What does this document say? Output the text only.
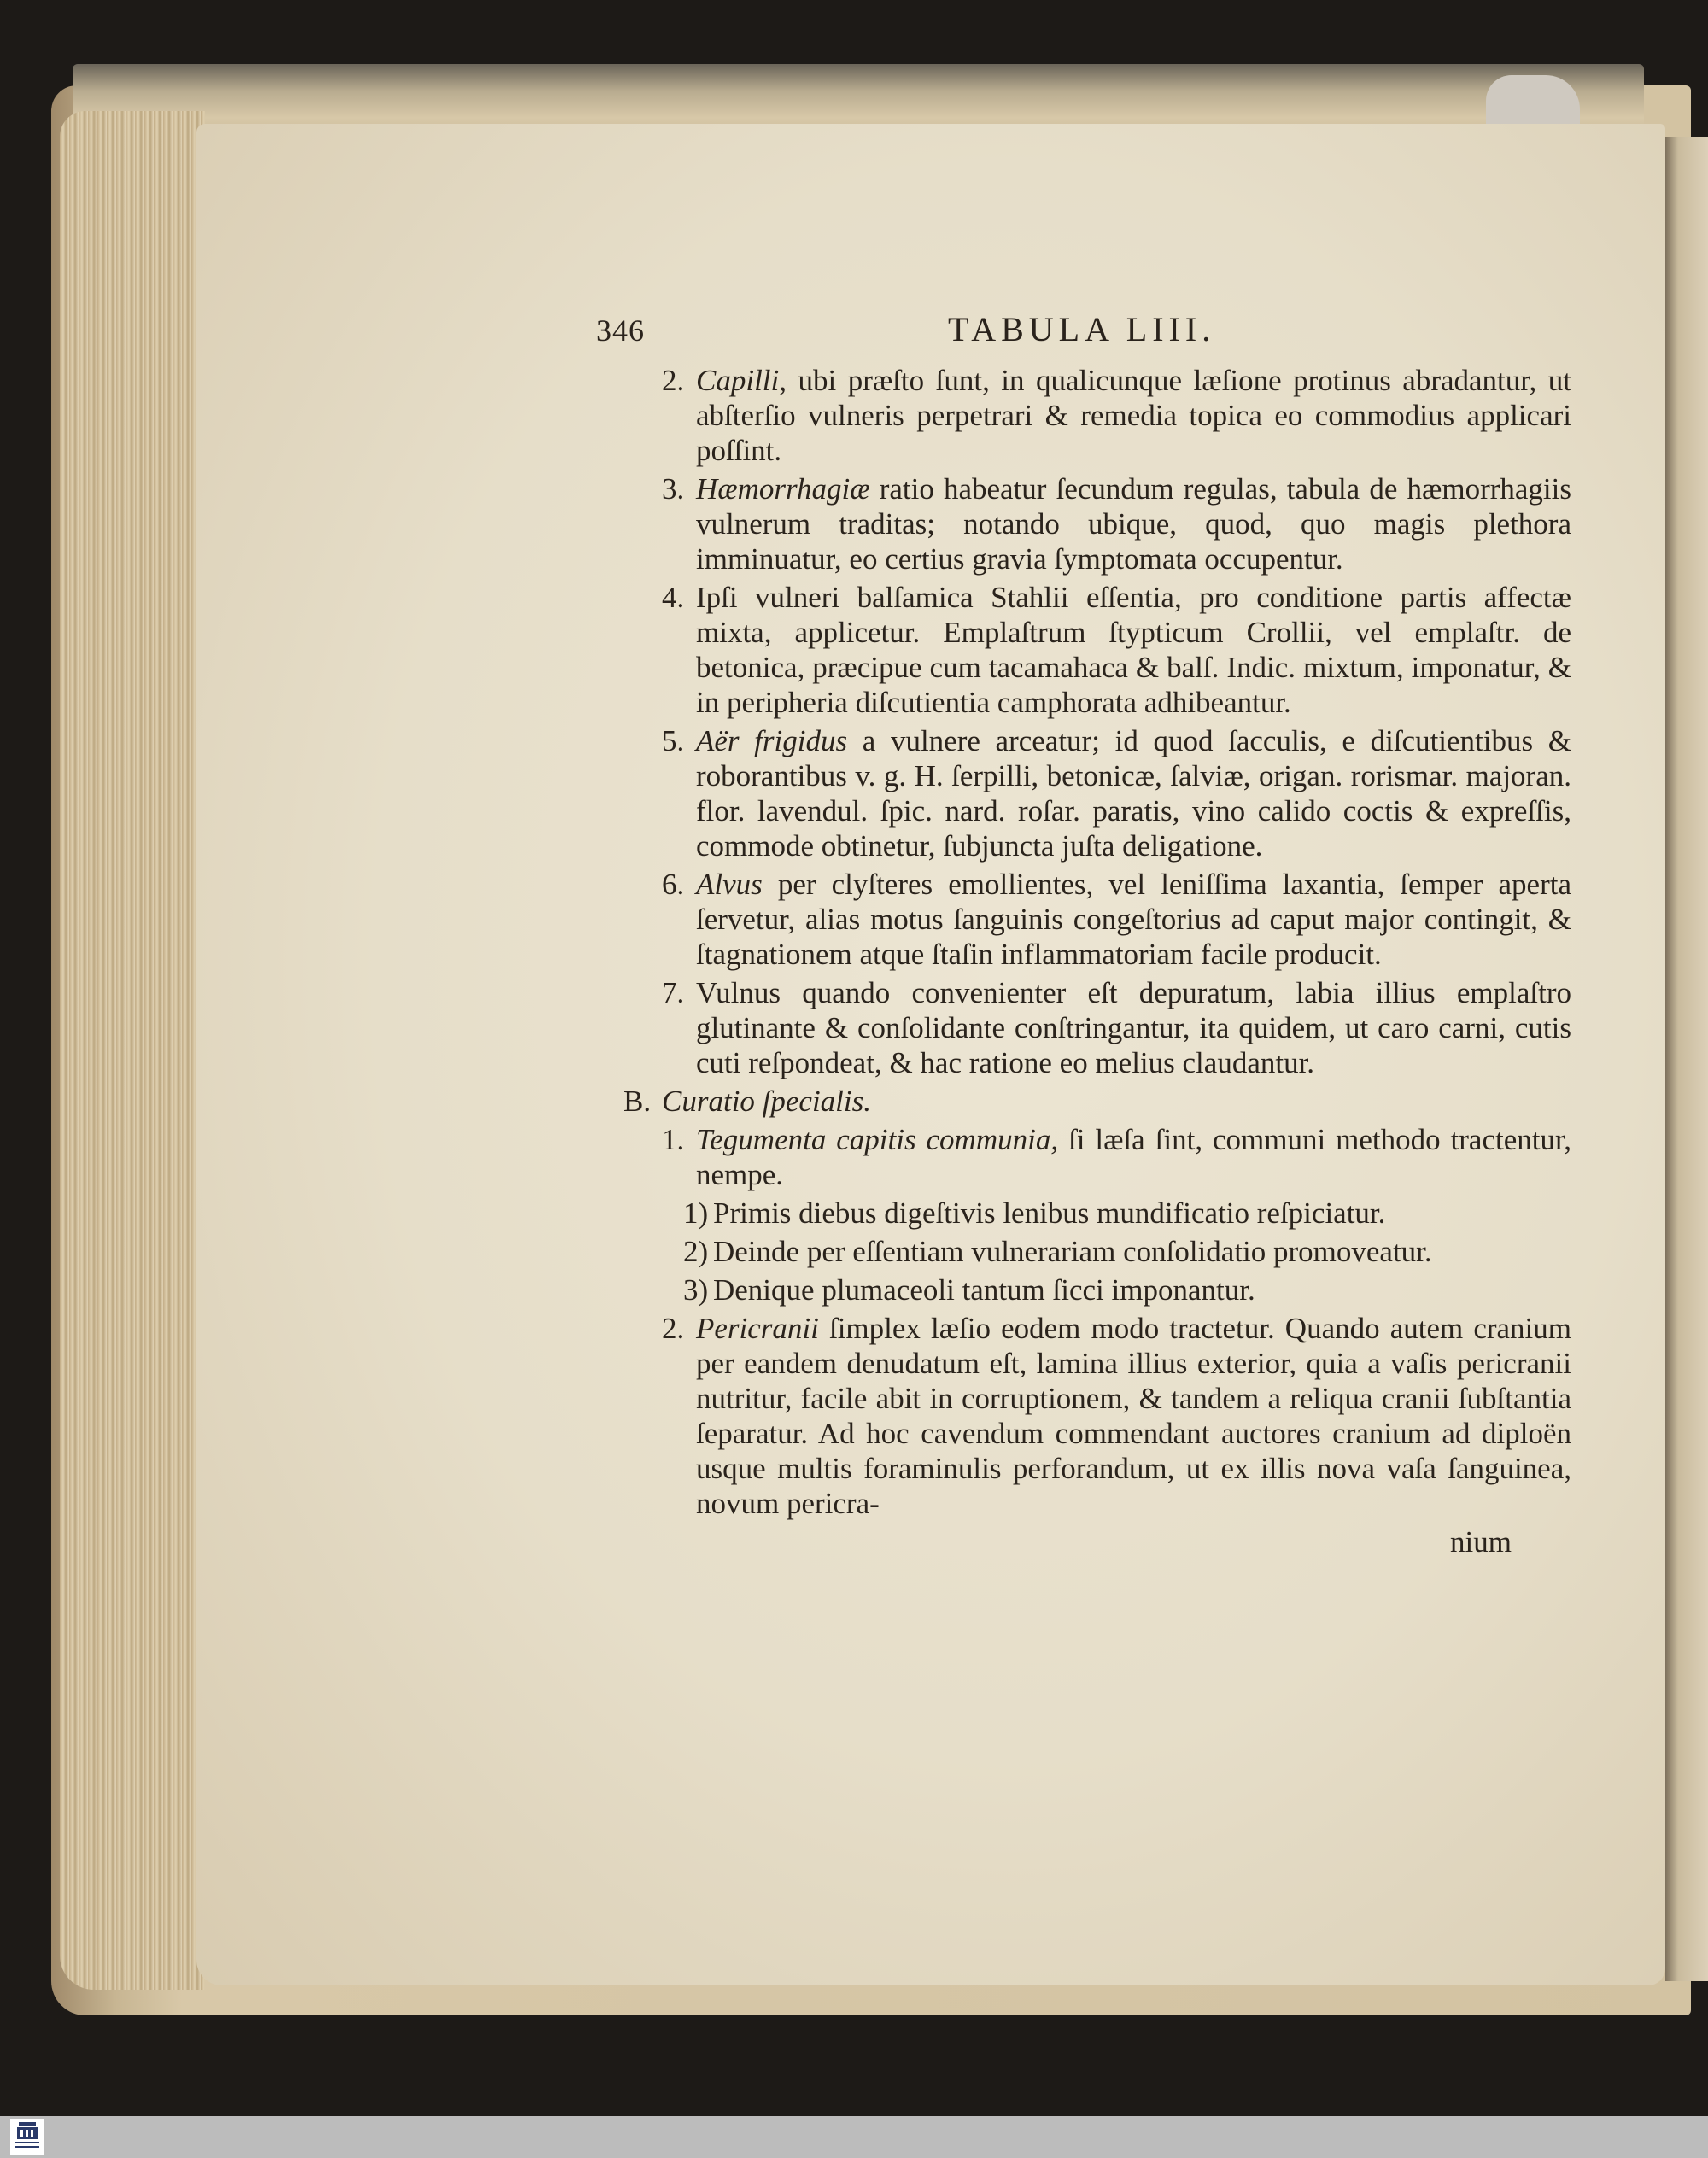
346	TABULA LIII.
2. Capilli, ubi præſto ſunt, in qualicunque læſione protinus abradantur, ut abſterſio vulneris perpetrari & remedia topica eo commodius applicari poſſint.
3. Hæmorrhagiæ ratio habeatur ſecundum regulas, tabula de hæmorrhagiis vulnerum traditas; notando ubique, quod, quo magis plethora imminuatur, eo certius gravia ſymptomata occupentur.
4. Ipſi vulneri balſamica Stahlii eſſentia, pro conditione partis affectæ mixta, applicetur. Emplaſtrum ſtypticum Crollii, vel emplaſtr. de betonica, præcipue cum tacamahaca & balſ. Indic. mixtum, imponatur, & in peripheria diſcutientia camphorata adhibeantur.
5. Aër frigidus a vulnere arceatur; id quod ſacculis, e diſcutientibus & roborantibus v. g. H. ſerpilli, betonicæ, ſalviæ, origan. rorismar. majoran. flor. lavendul. ſpic. nard. roſar. paratis, vino calido coctis & expreſſis, commode obtinetur, ſubjuncta juſta deligatione.
6. Alvus per clyſteres emollientes, vel leniſſima laxantia, ſemper aperta ſervetur, alias motus ſanguinis congeſtorius ad caput major contingit, & ſtagnationem atque ſtaſin inflammatoriam facile producit.
7. Vulnus quando convenienter eſt depuratum, labia illius emplaſtro glutinante & conſolidante conſtringantur, ita quidem, ut caro carni, cutis cuti reſpondeat, & hac ratione eo melius claudantur.
B. Curatio ſpecialis.
1. Tegumenta capitis communia, ſi læſa ſint, communi methodo tractentur, nempe.
1) Primis diebus digeſtivis lenibus mundificatio reſpiciatur.
2) Deinde per eſſentiam vulnerariam conſolidatio promoveatur.
3) Denique plumaceoli tantum ſicci imponantur.
2. Pericranii ſimplex læſio eodem modo tractetur. Quando autem cranium per eandem denudatum eſt, lamina illius exterior, quia a vaſis pericranii nutritur, facile abit in corruptionem, & tandem a reliqua cranii ſubſtantia ſeparatur. Ad hoc cavendum commendant auctores cranium ad diploën usque multis foraminulis perforandum, ut ex illis nova vaſa ſanguinea, novum pericra-
nium
